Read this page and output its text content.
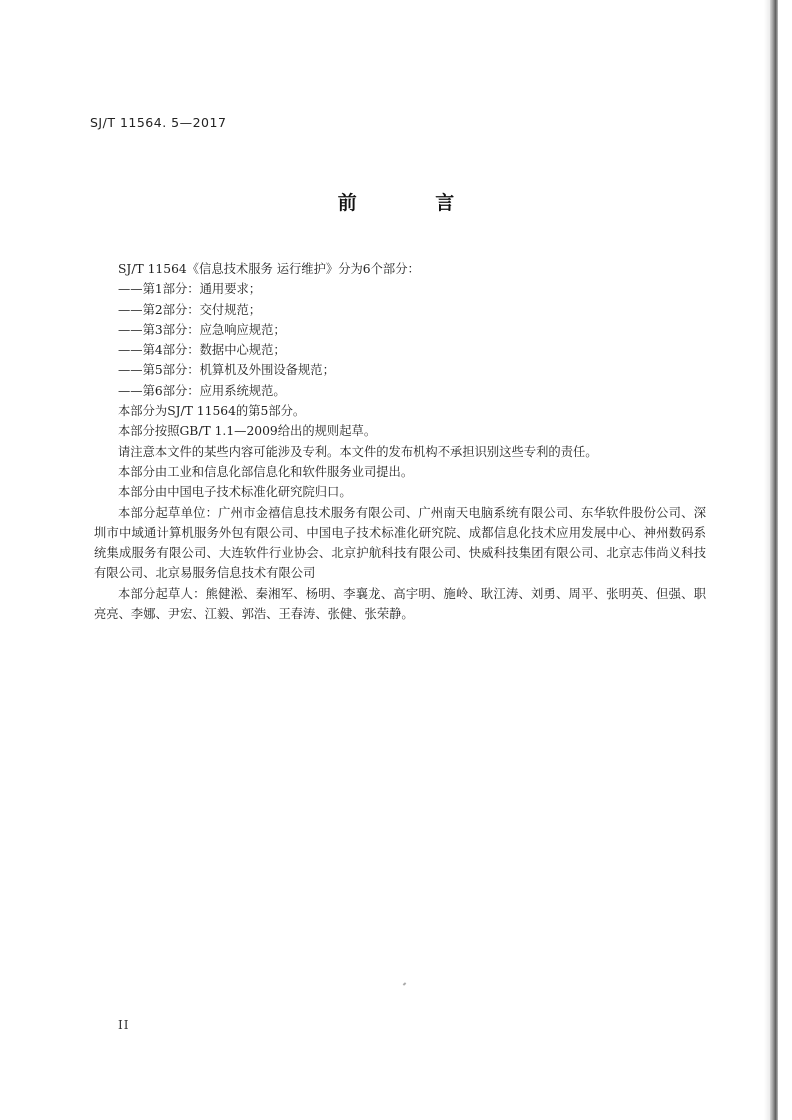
SJ/T 11564. 5—2017
前 言

SJ/T 11564《信息技术服务 运行维护》分为6个部分：

——第1部分：通用要求；
——第2部分：交付规范；
——第3部分：应急响应规范；
——第4部分：数据中心规范；
——第5部分：机算机及外围设备规范；
——第6部分：应用系统规范。

本部分为SJ/T 11564的第5部分。

本部分按照GB/T 1.1—2009给出的规则起草。

请注意本文件的某些内容可能涉及专利。本文件的发布机构不承担识别这些专利的责任。

本部分由工业和信息化部信息化和软件服务业司提出。

本部分由中国电子技术标准化研究院归口。

本部分起草单位：广州市金禧信息技术服务有限公司、广州南天电脑系统有限公司、东华软件股份公司、深圳市中域通计算机服务外包有限公司、中国电子技术标准化研究院、成都信息化技术应用发展中心、神州数码系统集成服务有限公司、大连软件行业协会、北京护航科技有限公司、快威科技集团有限公司、北京志伟尚义科技有限公司、北京易服务信息技术有限公司

本部分起草人：熊健淞、秦湘军、杨明、李襄龙、高宇明、施岭、耿江涛、刘勇、周平、张明英、但强、职亮亮、李娜、尹宏、江毅、郭浩、王春涛、张健、张荣静。

II
